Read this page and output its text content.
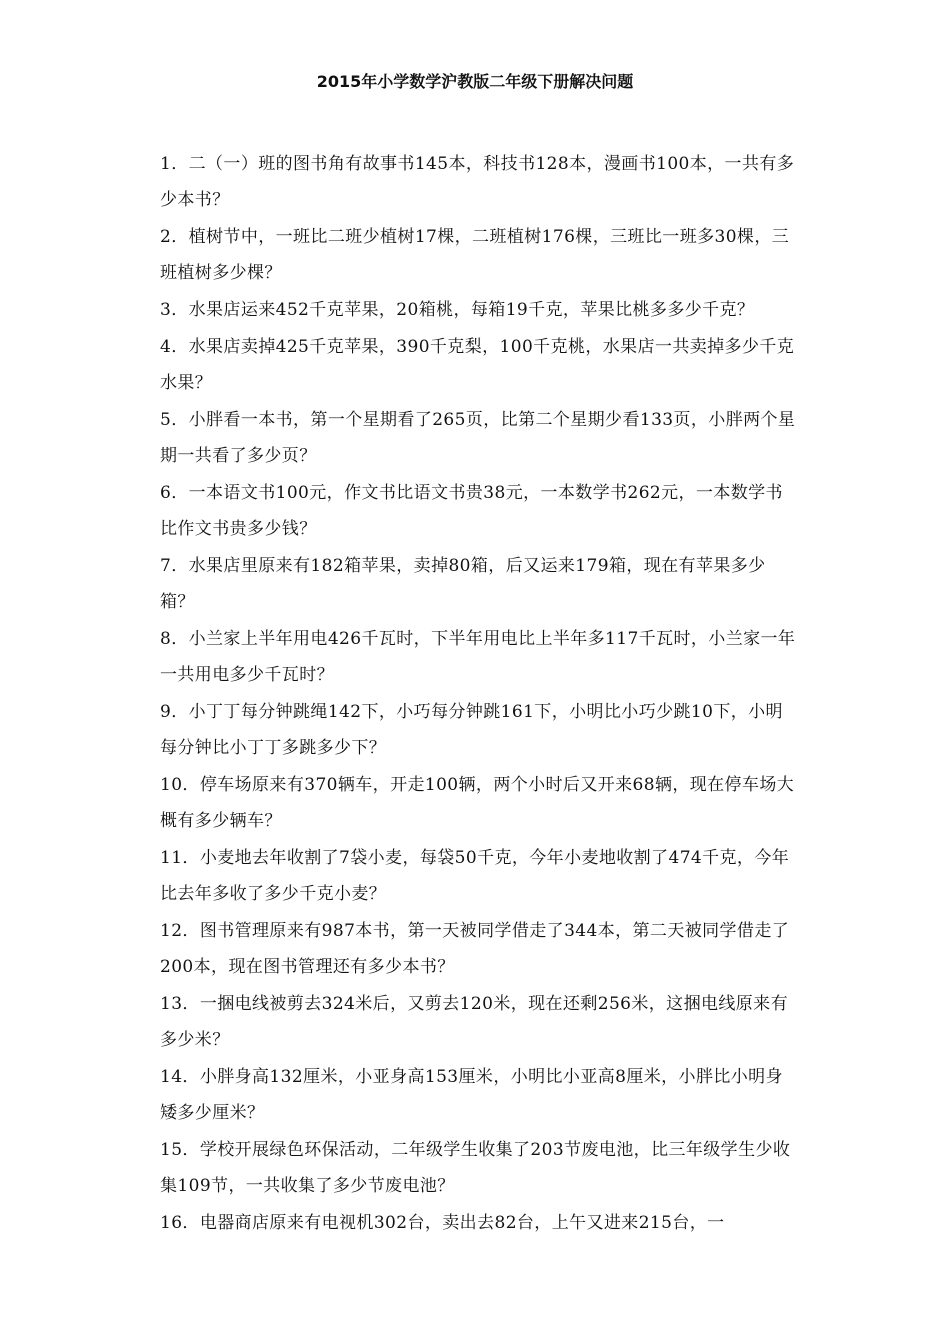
2015年小学数学沪教版二年级下册解决问题
1．二（一）班的图书角有故事书145本，科技书128本，漫画书100本，一共有多少本书？
2．植树节中，一班比二班少植树17棵，二班植树176棵，三班比一班多30棵，三班植树多少棵？
3．水果店运来452千克苹果，20箱桃，每箱19千克，苹果比桃多多少千克？
4．水果店卖掉425千克苹果，390千克梨，100千克桃，水果店一共卖掉多少千克水果？
5．小胖看一本书，第一个星期看了265页，比第二个星期少看133页，小胖两个星期一共看了多少页？
6．一本语文书100元，作文书比语文书贵38元，一本数学书262元，一本数学书比作文书贵多少钱？
7．水果店里原来有182箱苹果，卖掉80箱，后又运来179箱，现在有苹果多少箱？
8．小兰家上半年用电426千瓦时，下半年用电比上半年多117千瓦时，小兰家一年一共用电多少千瓦时？
9．小丁丁每分钟跳绳142下，小巧每分钟跳161下，小明比小巧少跳10下，小明每分钟比小丁丁多跳多少下？
10．停车场原来有370辆车，开走100辆，两个小时后又开来68辆，现在停车场大概有多少辆车？
11．小麦地去年收割了7袋小麦，每袋50千克，今年小麦地收割了474千克，今年比去年多收了多少千克小麦？
12．图书管理原来有987本书，第一天被同学借走了344本，第二天被同学借走了200本，现在图书管理还有多少本书？
13．一捆电线被剪去324米后，又剪去120米，现在还剩256米，这捆电线原来有多少米？
14．小胖身高132厘米，小亚身高153厘米，小明比小亚高8厘米，小胖比小明身矮多少厘米？
15．学校开展绿色环保活动，二年级学生收集了203节废电池，比三年级学生少收集109节，一共收集了多少节废电池？
16．电器商店原来有电视机302台，卖出去82台，上午又进来215台，一
